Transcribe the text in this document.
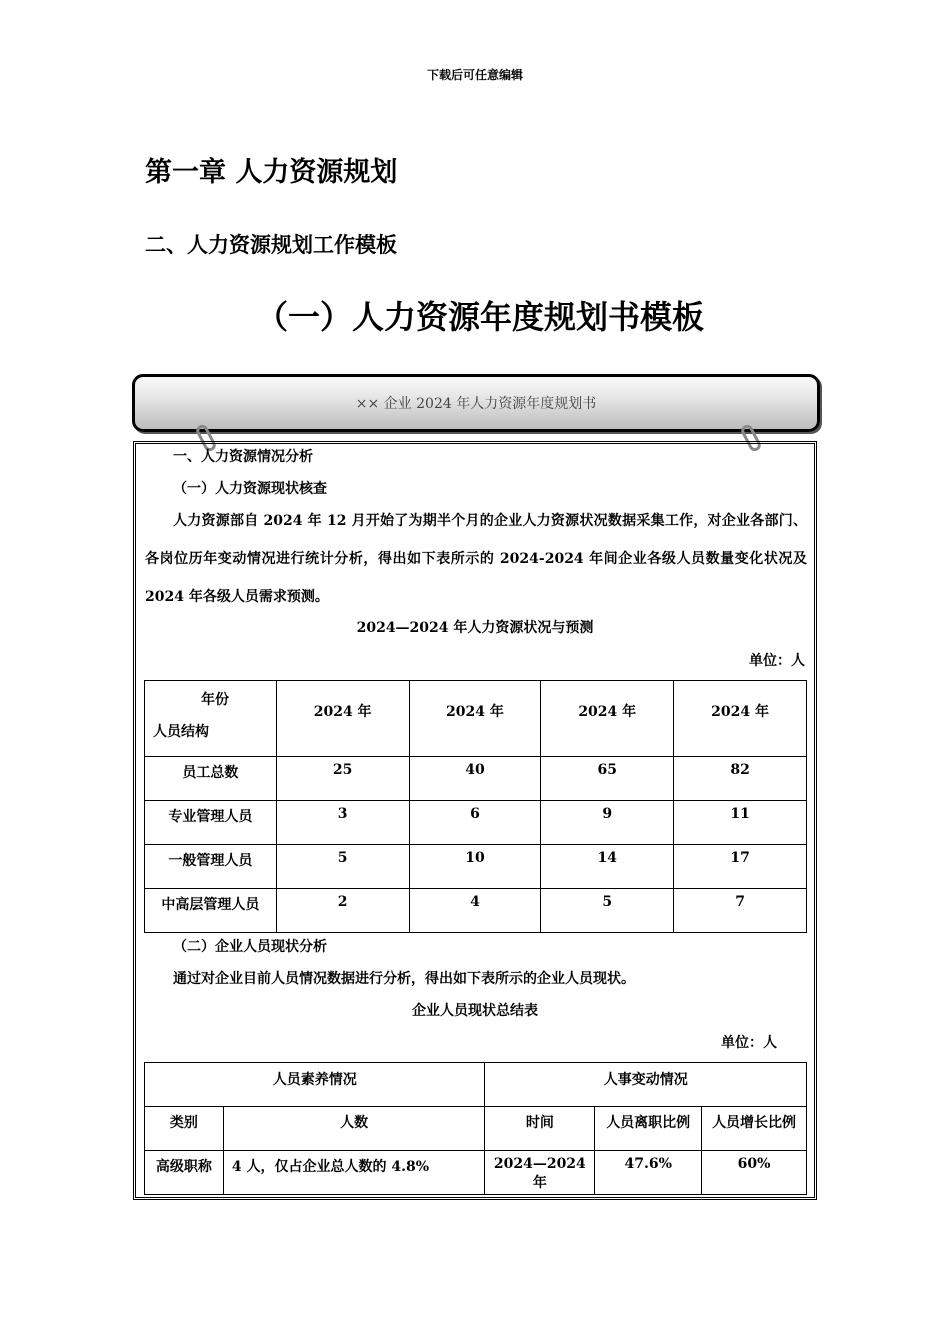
下载后可任意编辑
第一章 人力资源规划
二、人力资源规划工作模板
（一）人力资源年度规划书模板
×× 企业 2024 年人力资源年度规划书
一、人力资源情况分析
（一）人力资源现状核查
人力资源部自 2024 年 12 月开始了为期半个月的企业人力资源状况数据采集工作，对企业各部门、各岗位历年变动情况进行统计分析，得出如下表所示的 2024-2024 年间企业各级人员数量变化状况及 2024 年各级人员需求预测。
2024—2024 年人力资源状况与预测
单位：人
年份
人员结构	2024 年	2024 年	2024 年	2024 年
员工总数	25	40	65	82
专业管理人员	3	6	9	11
一般管理人员	5	10	14	17
中高层管理人员	2	4	5	7
（二）企业人员现状分析
通过对企业目前人员情况数据进行分析，得出如下表所示的企业人员现状。
企业人员现状总结表
单位：人
人员素养情况		人事变动情况		
类别	人数	时间	人员离职比例	人员增长比例
高级职称	4 人，仅占企业总人数的 4.8%	2024—2024 年	47.6%	60%
